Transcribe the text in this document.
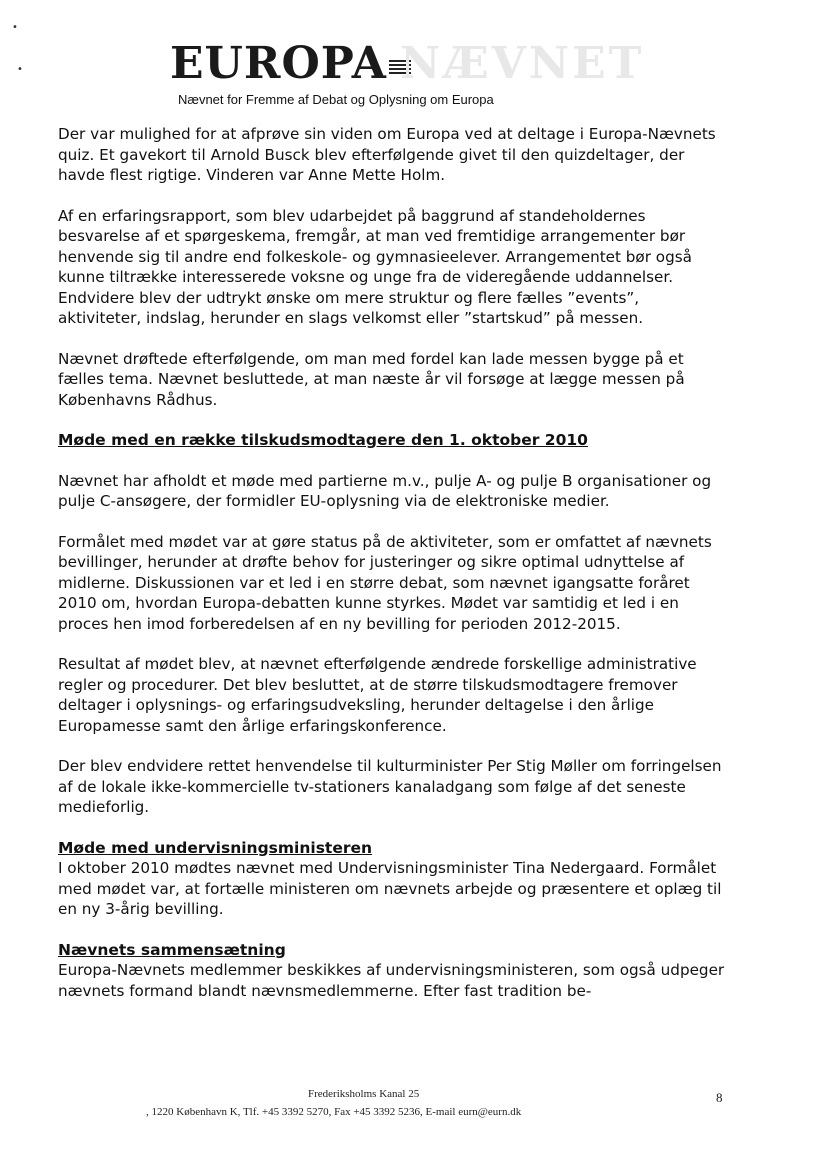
•
•	EUROPA NÆVNET
Nævnet for Fremme af Debat og Oplysning om Europa

Der var mulighed for at afprøve sin viden om Europa ved at deltage i Europa-Nævnets quiz. Et gavekort til Arnold Busck blev efterfølgende givet til den quizdeltager, der havde flest rigtige. Vinderen var Anne Mette Holm.

Af en erfaringsrapport, som blev udarbejdet på baggrund af standeholdernes besvarelse af et spørgeskema, fremgår, at man ved fremtidige arrangementer bør henvende sig til andre end folkeskole- og gymnasieelever. Arrangementet bør også kunne tiltrække interesserede voksne og unge fra de videregående uddannelser. Endvidere blev der udtrykt ønske om mere struktur og flere fælles ”events”, aktiviteter, indslag, herunder en slags velkomst eller ”startskud” på messen.

Nævnet drøftede efterfølgende, om man med fordel kan lade messen bygge på et fælles tema. Nævnet besluttede, at man næste år vil forsøge at lægge messen på Københavns Rådhus.

Møde med en række tilskudsmodtagere den 1. oktober 2010

Nævnet har afholdt et møde med partierne m.v., pulje A- og pulje B organisationer og pulje C-ansøgere, der formidler EU-oplysning via de elektroniske medier.

Formålet med mødet var at gøre status på de aktiviteter, som er omfattet af nævnets bevillinger, herunder at drøfte behov for justeringer og sikre optimal udnyttelse af midlerne. Diskussionen var et led i en større debat, som nævnet igangsatte foråret 2010 om, hvordan Europa-debatten kunne styrkes. Mødet var samtidig et led i en proces hen imod forberedelsen af en ny bevilling for perioden 2012-2015.

Resultat af mødet blev, at nævnet efterfølgende ændrede forskellige administrative regler og procedurer. Det blev besluttet, at de større tilskudsmodtagere fremover deltager i oplysnings- og erfaringsudveksling, herunder deltagelse i den årlige Europamesse samt den årlige erfaringskonference.

Der blev endvidere rettet henvendelse til kulturminister Per Stig Møller om forringelsen af de lokale ikke-kommercielle tv-stationers kanaladgang som følge af det seneste medieforlig.

Møde med undervisningsministeren

I oktober 2010 mødtes nævnet med Undervisningsminister Tina Nedergaard. Formålet med mødet var, at fortælle ministeren om nævnets arbejde og præsentere et oplæg til en ny 3-årig bevilling.

Nævnets sammensætning

Europa-Nævnets medlemmer beskikkes af undervisningsministeren, som også udpeger nævnets formand blandt nævnsmedlemmerne. Efter fast tradition be-

Frederiksholms Kanal 25
, 1220 København K, Tlf. +45 3392 5270, Fax +45 3392 5236, E-mail eurn@eurn.dk
8
